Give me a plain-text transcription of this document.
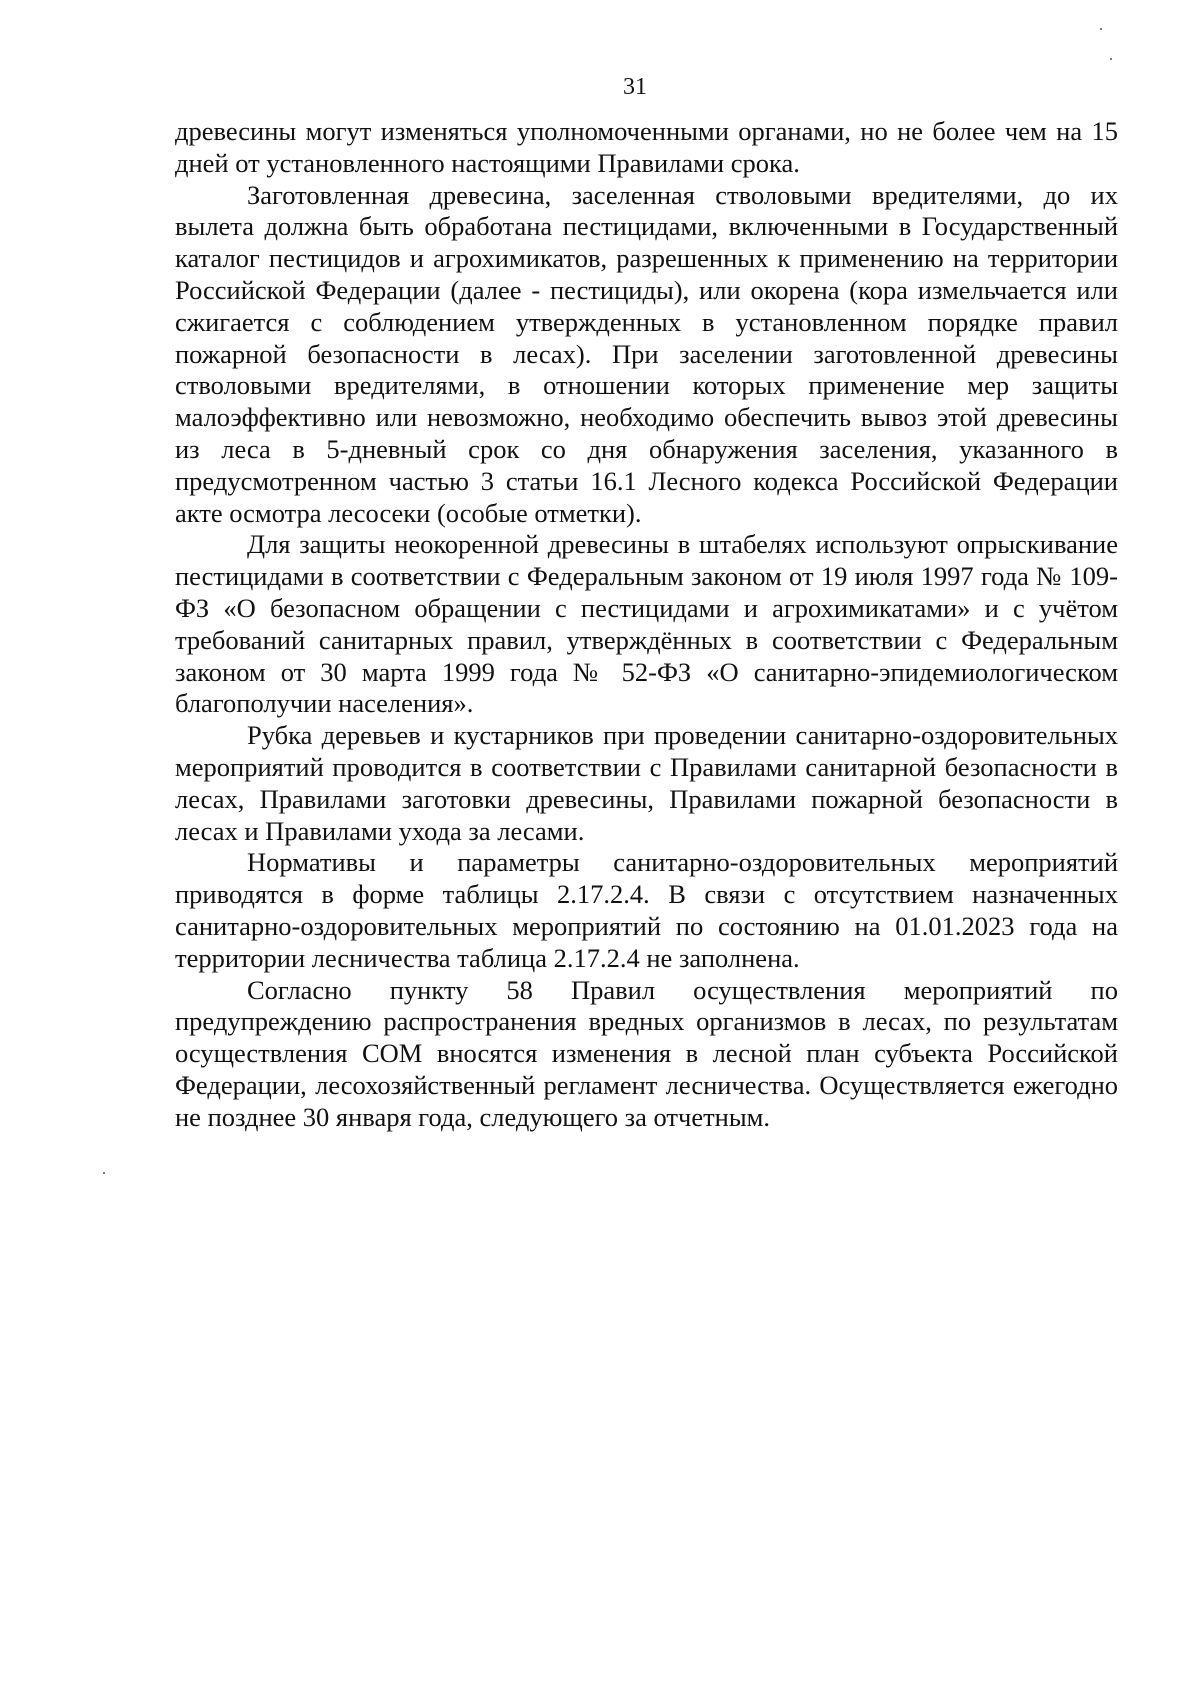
31

древесины могут изменяться уполномоченными органами, но не более чем на 15 дней от установленного настоящими Правилами срока.

Заготовленная древесина, заселенная стволовыми вредителями, до их вылета должна быть обработана пестицидами, включенными в Государственный каталог пестицидов и агрохимикатов, разрешенных к применению на территории Российской Федерации (далее - пестициды), или окорена (кора измельчается или сжигается с соблюдением утвержденных в установленном порядке правил пожарной безопасности в лесах). При заселении заготовленной древесины стволовыми вредителями, в отношении которых применение мер защиты малоэффективно или невозможно, необходимо обеспечить вывоз этой древесины из леса в 5-дневный срок со дня обнаружения заселения, указанного в предусмотренном частью 3 статьи 16.1 Лесного кодекса Российской Федерации акте осмотра лесосеки (особые отметки).

Для защиты неокоренной древесины в штабелях используют опрыскивание пестицидами в соответствии с Федеральным законом от 19 июля 1997 года № 109-ФЗ «О безопасном обращении с пестицидами и агрохимикатами» и с учётом требований санитарных правил, утверждённых в соответствии с Федеральным законом от 30 марта 1999 года № 52-ФЗ «О санитарно-эпидемиологическом благополучии населения».

Рубка деревьев и кустарников при проведении санитарно-оздоровительных мероприятий проводится в соответствии с Правилами санитарной безопасности в лесах, Правилами заготовки древесины, Правилами пожарной безопасности в лесах и Правилами ухода за лесами.

Нормативы и параметры санитарно-оздоровительных мероприятий приводятся в форме таблицы 2.17.2.4. В связи с отсутствием назначенных санитарно-оздоровительных мероприятий по состоянию на 01.01.2023 года на территории лесничества таблица 2.17.2.4 не заполнена.

Согласно пункту 58 Правил осуществления мероприятий по предупреждению распространения вредных организмов в лесах, по результатам осуществления СОМ вносятся изменения в лесной план субъекта Российской Федерации, лесохозяйственный регламент лесничества. Осуществляется ежегодно не позднее 30 января года, следующего за отчетным.
